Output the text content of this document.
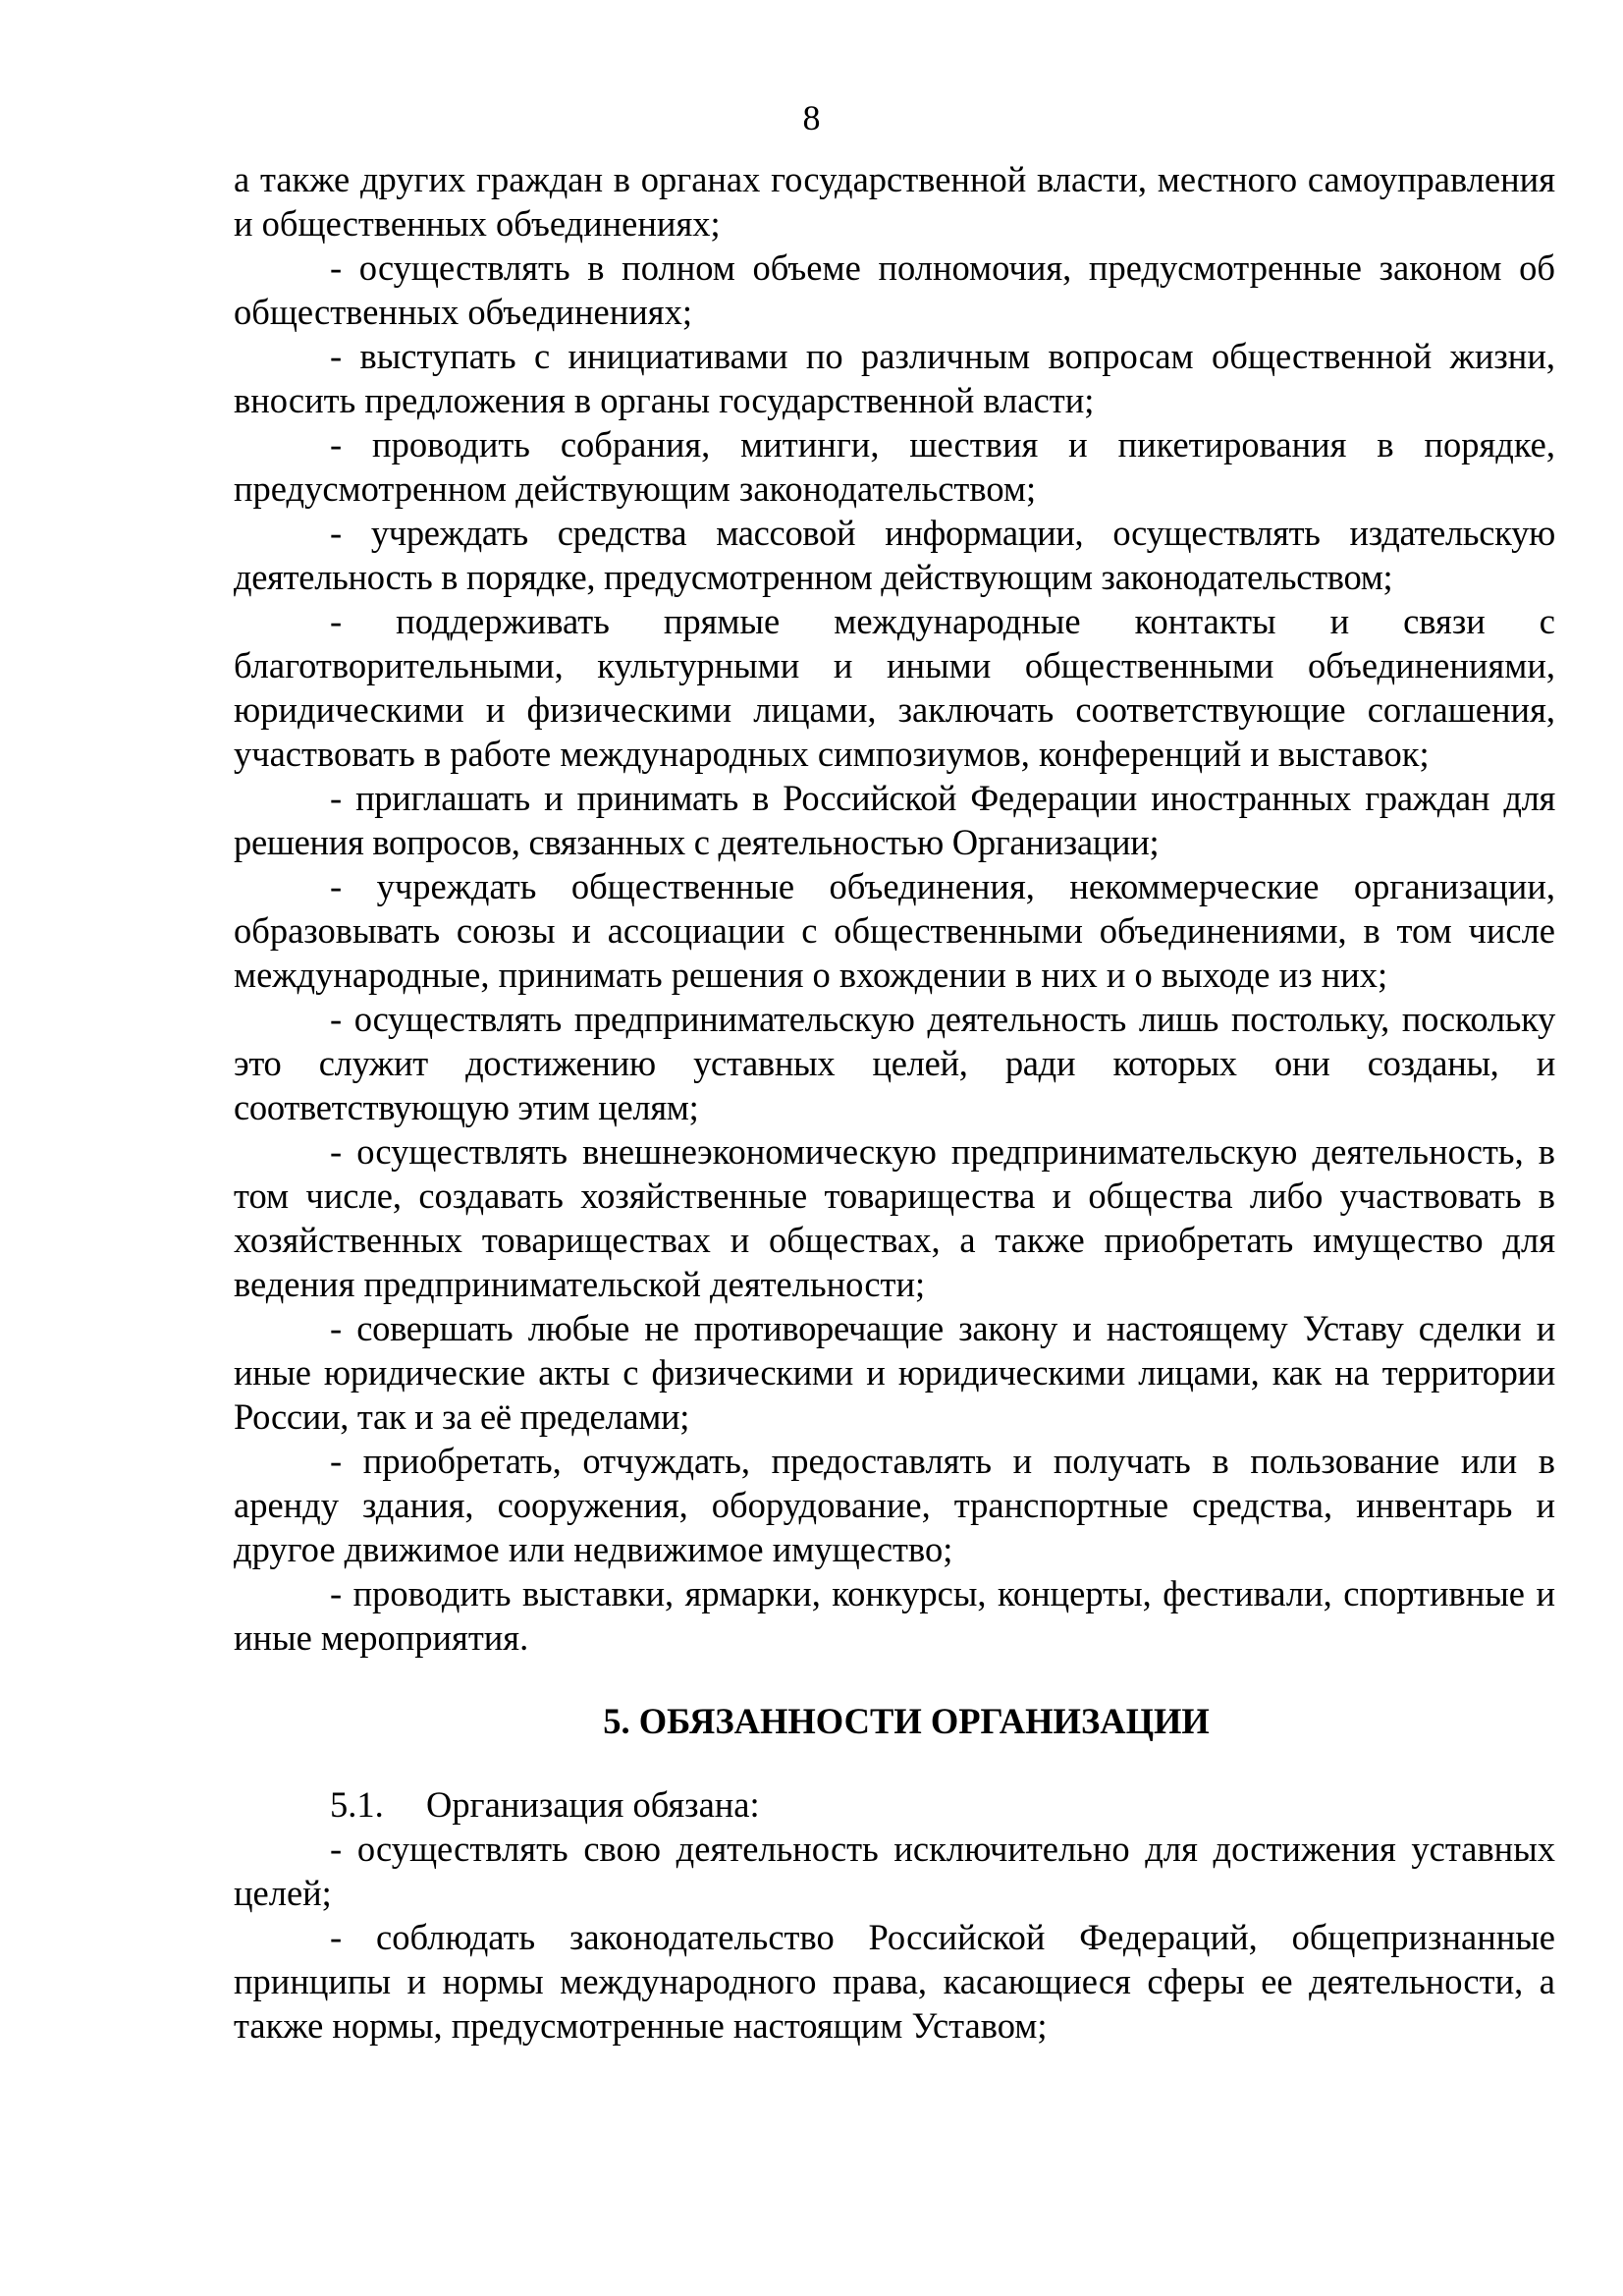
8

а также других граждан в органах государственной власти, местного самоуправления и общественных объединениях;

- осуществлять в полном объеме полномочия, предусмотренные законом об общественных объединениях;

- выступать с инициативами по различным вопросам общественной жизни, вносить предложения в органы государственной власти;

- проводить собрания, митинги, шествия и пикетирования в порядке, предусмотренном действующим законодательством;

- учреждать средства массовой информации, осуществлять издательскую деятельность в порядке, предусмотренном действующим законодательством;

- поддерживать прямые международные контакты и связи с благотворительными, культурными и иными общественными объединениями, юридическими и физическими лицами, заключать соответствующие соглашения, участвовать в работе международных симпозиумов, конференций и выставок;

- приглашать и принимать в Российской Федерации иностранных граждан для решения вопросов, связанных с деятельностью Организации;

- учреждать общественные объединения, некоммерческие организации, образовывать союзы и ассоциации с общественными объединениями, в том числе международные, принимать решения о вхождении в них и о выходе из них;

- осуществлять предпринимательскую деятельность лишь постольку, поскольку это служит достижению уставных целей, ради которых они созданы, и соответствующую этим целям;

- осуществлять внешнеэкономическую предпринимательскую деятельность, в том числе, создавать хозяйственные товарищества и общества либо участвовать в хозяйственных товариществах и обществах, а также приобретать имущество для ведения предпринимательской деятельности;

- совершать любые не противоречащие закону и настоящему Уставу сделки и иные юридические акты с физическими и юридическими лицами, как на территории России, так и за её пределами;

- приобретать, отчуждать, предоставлять и получать в пользование или в аренду здания, сооружения, оборудование, транспортные средства, инвентарь и другое движимое или недвижимое имущество;

- проводить выставки, ярмарки, конкурсы, концерты, фестивали, спортивные и иные мероприятия.

5. ОБЯЗАННОСТИ ОРГАНИЗАЦИИ

5.1. Организация обязана:

- осуществлять свою деятельность исключительно для достижения уставных целей;

- соблюдать законодательство Российской Федераций, общепризнанные принципы и нормы международного права, касающиеся сферы ее деятельности, а также нормы, предусмотренные настоящим Уставом;
